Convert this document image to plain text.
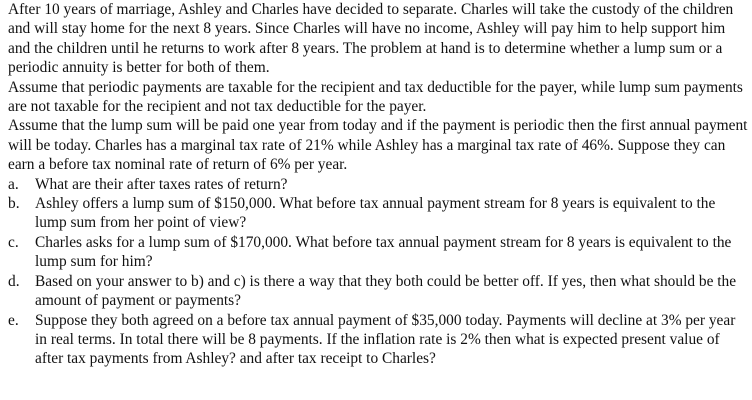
After 10 years of marriage, Ashley and Charles have decided to separate. Charles will take the custody of the children and will stay home for the next 8 years. Since Charles will have no income, Ashley will pay him to help support him and the children until he returns to work after 8 years. The problem at hand is to determine whether a lump sum or a periodic annuity is better for both of them.

Assume that periodic payments are taxable for the recipient and tax deductible for the payer, while lump sum payments are not taxable for the recipient and not tax deductible for the payer.

Assume that the lump sum will be paid one year from today and if the payment is periodic then the first annual payment will be today. Charles has a marginal tax rate of 21% while Ashley has a marginal tax rate of 46%. Suppose they can earn a before tax nominal rate of return of 6% per year.

a.	What are their after taxes rates of return?
b.	Ashley offers a lump sum of $150,000. What before tax annual payment stream for 8 years is equivalent to the lump sum from her point of view?
c.	Charles asks for a lump sum of $170,000. What before tax annual payment stream for 8 years is equivalent to the lump sum for him?
d.	Based on your answer to b) and c) is there a way that they both could be better off. If yes, then what should be the amount of payment or payments?
e.	Suppose they both agreed on a before tax annual payment of $35,000 today. Payments will decline at 3% per year in real terms. In total there will be 8 payments. If the inflation rate is 2% then what is expected present value of after tax payments from Ashley? and after tax receipt to Charles?
